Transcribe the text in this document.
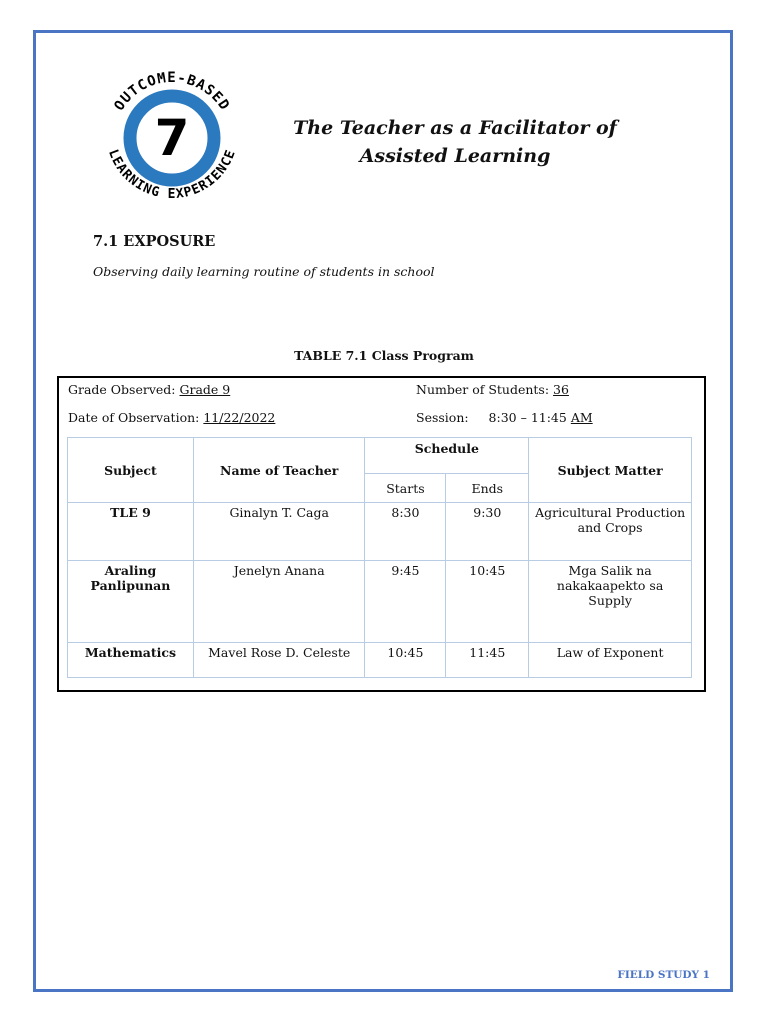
7
OUTCOME-BASED
LEARNING EXPERIENCE
The Teacher as a Facilitator of
Assisted Learning
7.1 EXPOSURE
Observing daily learning routine of students in school
TABLE 7.1 Class Program
Grade Observed: Grade 9	Number of Students: 36
Date of Observation: 11/22/2022	Session: 8:30 – 11:45 AM
Subject	Name of Teacher	Schedule		Subject Matter
		Starts	Ends	
TLE 9	Ginalyn T. Caga	8:30	9:30	Agricultural Production and Crops
Araling Panlipunan	Jenelyn Anana	9:45	10:45	Mga Salik na nakakaapekto sa Supply
Mathematics	Mavel Rose D. Celeste	10:45	11:45	Law of Exponent
FIELD STUDY 1
